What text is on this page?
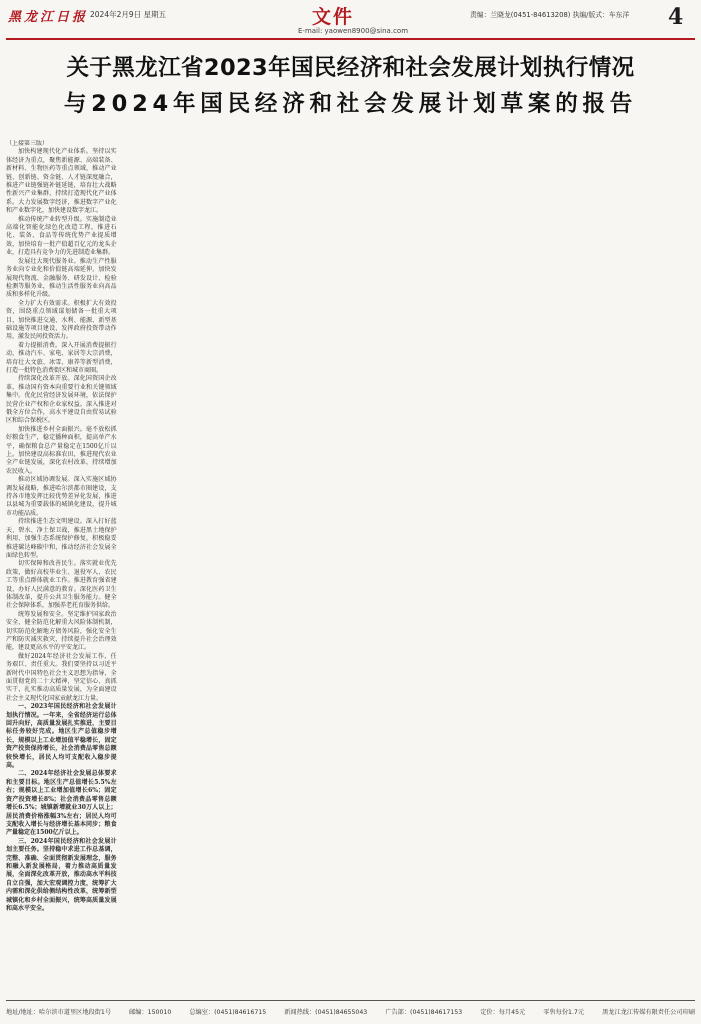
黑龙江日报 2024年2月9日 星期五	文件
E-mail: yaowen8900@sina.com
责编：兰晓龙(0451-84613208) 执编/版式：车东洋 4
关于黑龙江省2023年国民经济和社会发展计划执行情况
与2024年国民经济和社会发展计划草案的报告

（上接第三版）

加快构建现代化产业体系。坚持以实体经济为重点，聚焦新能源、高端装备、新材料、生物医药等重点领域，推动产业链、创新链、资金链、人才链深度融合，推进产业链强链补链延链，培育壮大战略性新兴产业集群，持续打造现代化产业体系。大力发展数字经济，推进数字产业化和产业数字化，加快建设数字龙江。

推动传统产业转型升级。实施制造业高端化智能化绿色化改造工程，推进石化、装备、食品等传统优势产业提质增效，加快培育一批产值超百亿元的龙头企业，打造具有竞争力的先进制造业集群。

发展壮大现代服务业。推动生产性服务业向专业化和价值链高端延伸，加快发展现代物流、金融服务、研发设计、检验检测等服务业，推动生活性服务业向高品质和多样化升级。

全力扩大有效需求。积极扩大有效投资，围绕重点领域谋划储备一批重大项目，加快推进交通、水利、能源、新型基础设施等项目建设，发挥政府投资带动作用，激发民间投资活力。

着力提振消费。深入开展消费提振行动，推动汽车、家电、家居等大宗消费，培育壮大文旅、冰雪、康养等新型消费，打造一批特色消费街区和城市商圈。

持续深化改革开放。深化国资国企改革，推动国有资本向重要行业和关键领域集中。优化民营经济发展环境，依法保护民营企业产权和企业家权益。深入推进对俄全方位合作，高水平建设自由贸易试验区和综合保税区。

加快推进乡村全面振兴。毫不放松抓好粮食生产，稳定播种面积，提高单产水平，确保粮食总产量稳定在1500亿斤以上。加快建设高标准农田，推进现代农业全产业链发展，深化农村改革，持续增加农民收入。

推动区域协调发展。深入实施区域协调发展战略，推进哈尔滨都市圈建设，支持各市地发挥比较优势差异化发展，推进以县城为重要载体的城镇化建设，提升城市功能品质。

持续推进生态文明建设。深入打好蓝天、碧水、净土保卫战，推进黑土地保护利用，加强生态系统保护修复，积极稳妥推进碳达峰碳中和，推动经济社会发展全面绿色转型。

切实保障和改善民生。落实就业优先政策，做好高校毕业生、退役军人、农民工等重点群体就业工作。推进教育强省建设，办好人民满意的教育。深化医药卫生体制改革，提升公共卫生服务能力。健全社会保障体系，加强养老托育服务供给。

统筹发展和安全。坚定维护国家政治安全，健全防范化解重大风险体制机制，切实防范化解地方债务风险，强化安全生产和防灾减灾救灾，持续提升社会治理效能，建设更高水平的平安龙江。

做好2024年经济社会发展工作，任务艰巨、责任重大。我们要坚持以习近平新时代中国特色社会主义思想为指导，全面贯彻党的二十大精神，坚定信心、真抓实干，扎实推动高质量发展，为全面建设社会主义现代化国家贡献龙江力量。

一、2023年国民经济和社会发展计划执行情况。一年来，全省经济运行总体回升向好，高质量发展扎实推进，主要目标任务较好完成。地区生产总值稳步增长，规模以上工业增加值平稳增长，固定资产投资保持增长，社会消费品零售总额较快增长，居民人均可支配收入稳步提高。

二、2024年经济社会发展总体要求和主要目标。地区生产总值增长5.5%左右；规模以上工业增加值增长6%；固定资产投资增长8%；社会消费品零售总额增长6.5%；城镇新增就业30万人以上；居民消费价格涨幅3%左右；居民人均可支配收入增长与经济增长基本同步；粮食产量稳定在1500亿斤以上。

三、2024年国民经济和社会发展计划主要任务。坚持稳中求进工作总基调，完整、准确、全面贯彻新发展理念，服务和融入新发展格局，着力推动高质量发展，全面深化改革开放，推动高水平科技自立自强，加大宏观调控力度，统筹扩大内需和深化供给侧结构性改革，统筹新型城镇化和乡村全面振兴，统筹高质量发展和高水平安全。

地址/地址：哈尔滨市道里区地段街1号	邮编：150010	总编室：(0451)84616715	新闻热线：(0451)84655043	广告部：(0451)84617153	定价：每月45元	零售每份1.7元	黑龙江龙江传媒有限责任公司印刷
